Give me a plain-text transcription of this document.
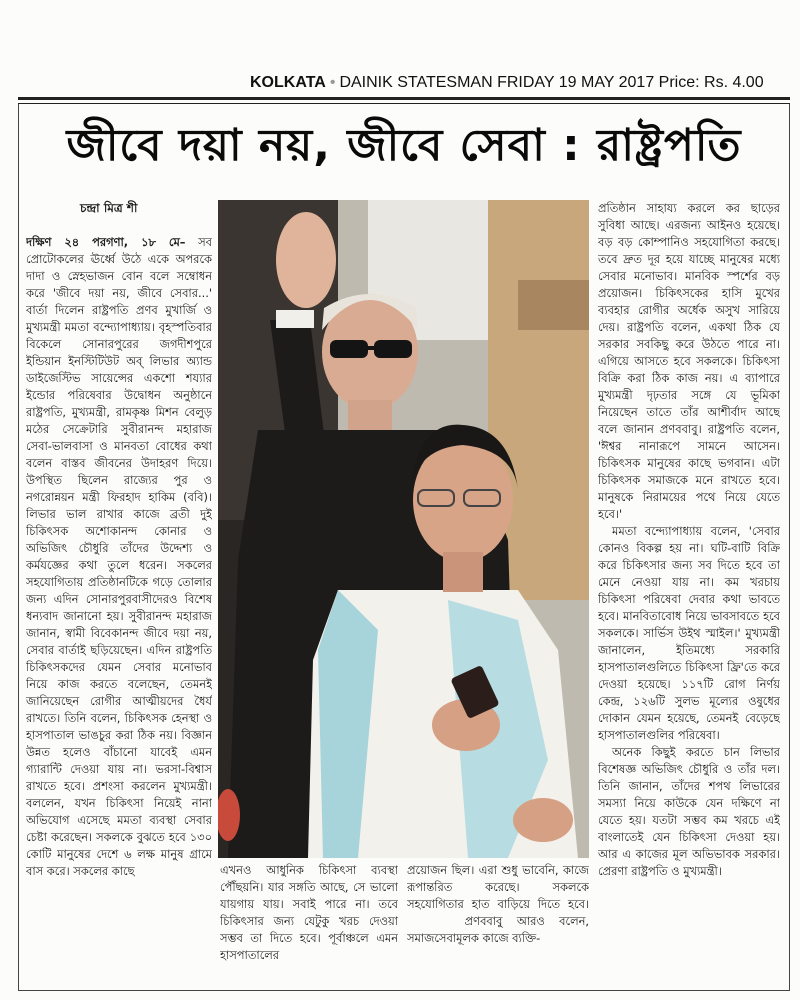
KOLKATA • DAINIK STATESMAN FRIDAY 19 MAY 2017 Price: Rs. 4.00
জীবে দয়া নয়, জীবে সেবা : রাষ্ট্রপতি
চন্দ্রা মিত্র শী

দক্ষিণ ২৪ পরগণা, ১৮ মে– সব প্রোটোকলের ঊর্ধ্বে উঠে একে অপরকে দাদা ও স্নেহভাজন বোন বলে সম্বোধন করে 'জীবে দয়া নয়, জীবে সেবার...' বার্তা দিলেন রাষ্ট্রপতি প্রণব মুখার্জি ও মুখ্যমন্ত্রী মমতা বন্দ্যোপাধ্যায়। বৃহস্পতিবার বিকেলে সোনারপুরের জগদীশপুরে ইন্ডিয়ান ইনস্টিটিউট অব্‌ লিভার অ্যান্ড ডাইজেস্টিভ সায়েন্সের একশো শয্যার ইন্ডোর পরিষেবার উদ্বোধন অনুষ্ঠানে রাষ্ট্রপতি, মুখ্যমন্ত্রী, রামকৃষ্ণ মিশন বেলুড় মঠের সেক্রেটারি সুবীরানন্দ মহারাজ সেবা-ভালবাসা ও মানবতা বোধের কথা বলেন বাস্তব জীবনের উদাহরণ দিয়ে। উপস্থিত ছিলেন রাজ্যের পুর ও নগরোন্নয়ন মন্ত্রী ফিরহাদ হাকিম (ববি)। লিভার ভাল রাখার কাজে ব্রতী দুই চিকিৎসক অশোকানন্দ কোনার ও অভিজিৎ চৌধুরি তাঁদের উদ্দেশ্য ও কর্মযজ্ঞের কথা তুলে ধরেন। সকলের সহযোগিতায় প্রতিষ্ঠানটিকে গড়ে তোলার জন্য এদিন সোনারপুরবাসীদেরও বিশেষ ধন্যবাদ জানানো হয়। সুবীরানন্দ মহারাজ জানান, স্বামী বিবেকানন্দ জীবে দয়া নয়, সেবার বার্তাই ছড়িয়েছেন। এদিন রাষ্ট্রপতি চিকিৎসকদের যেমন সেবার মনোভাব নিয়ে কাজ করতে বলেছেন, তেমনই জানিয়েছেন রোগীর আত্মীয়দের ধৈর্য রাখতে। তিনি বলেন, চিকিৎসক হেনস্থা ও হাসপাতাল ভাঙচুর করা ঠিক নয়। বিজ্ঞান উন্নত হলেও বাঁচানো যাবেই এমন গ্যারান্টি দেওয়া যায় না। ভরসা-বিশ্বাস রাখতে হবে। প্রশংসা করলেন মুখ্যমন্ত্রী। বললেন, যখন চিকিৎসা নিয়েই নানা অভিযোগ এসেছে মমতা ব্যবস্থা সেবার চেষ্টা করেছেন। সকলকে বুঝতে হবে ১৩০ কোটি মানুষের দেশে ৬ লক্ষ মানুষ গ্রামে বাস করে। সকলের কাছে	এখনও আধুনিক চিকিৎসা ব্যবস্থা পৌঁছয়নি। যার সঙ্গতি আছে, সে ভালো যায়গায় যায়। সবাই পারে না। তবে চিকিৎসার জন্য যেটুকু খরচ দেওয়া সম্ভব তা দিতে হবে। পূর্বাঞ্চলে এমন হাসপাতালের

প্রয়োজন ছিল। এরা শুধু ভাবেনি, কাজে রূপান্তরিত করেছে। সকলকে সহযোগিতার হাত বাড়িয়ে দিতে হবে।    প্রণববাবু আরও বলেন, সমাজসেবামূলক কাজে ব্যক্তি-

প্রতিষ্ঠান সাহায্য করলে কর ছাড়ের সুবিধা আছে। এরজন্য আইনও হয়েছে। বড় বড় কোম্পানিও সহযোগিতা করছে। তবে দ্রুত দূর হয়ে যাচ্ছে মানুষের মধ্যে সেবার মনোভাব। মানবিক স্পর্শের বড় প্রয়োজন। চিকিৎসকের হাসি মুখের ব্যবহার রোগীর অর্ধেক অসুখ সারিয়ে দেয়। রাষ্ট্রপতি বলেন, একথা ঠিক যে সরকার সবকিছু করে উঠতে পারে না। এগিয়ে আসতে হবে সকলকে। চিকিৎসা বিক্রি করা ঠিক কাজ নয়। এ ব্যাপারে মুখ্যমন্ত্রী দৃঢ়তার সঙ্গে যে ভূমিকা নিয়েছেন তাতে তাঁর আশীর্বাদ আছে বলে জানান প্রণববাবু। রাষ্ট্রপতি বলেন, 'ঈশ্বর নানারূপে সামনে আসেন। চিকিৎসক মানুষের কাছে ভগবান। এটা চিকিৎসক সমাজকে মনে রাখতে হবে। মানুষকে নিরাময়ের পথে নিয়ে যেতে হবে।'

মমতা বন্দ্যোপাধ্যায় বলেন, 'সেবার কোনও বিকল্প হয় না। ঘটি-বাটি বিক্রি করে চিকিৎসার জন্য সব দিতে হবে তা মেনে নেওয়া যায় না। কম খরচায় চিকিৎসা পরিষেবা দেবার কথা ভাবতে হবে। মানবিতাবোধ নিয়ে ভাবসাবতে হবে সকলকে। সার্ভিস উইথ স্মাইল।' মুখ্যমন্ত্রী জানালেন, ইতিমধ্যে সরকারি হাসপাতালগুলিতে চিকিৎসা ফ্রি'তে করে দেওয়া হয়েছে। ১১৭টি রোগ নির্ণয় কেন্দ্র, ১২৬টি সুলভ মূল্যের ওষুধের দোকান যেমন হয়েছে, তেমনই বেড়েছে হাসপাতালগুলির পরিষেবা।

অনেক কিছুই করতে চান লিভার বিশেষজ্ঞ অভিজিৎ চৌধুরি ও তাঁর দল। তিনি জানান, তাঁদের শপথ লিভারের সমস্যা নিয়ে কাউকে যেন দক্ষিণে না যেতে হয়। যতটা সম্ভব কম খরচে এই বাংলাতেই যেন চিকিৎসা দেওয়া হয়। আর এ কাজের মূল অভিভাবক সরকার। প্রেরণা রাষ্ট্রপতি ও মুখ্যমন্ত্রী।
